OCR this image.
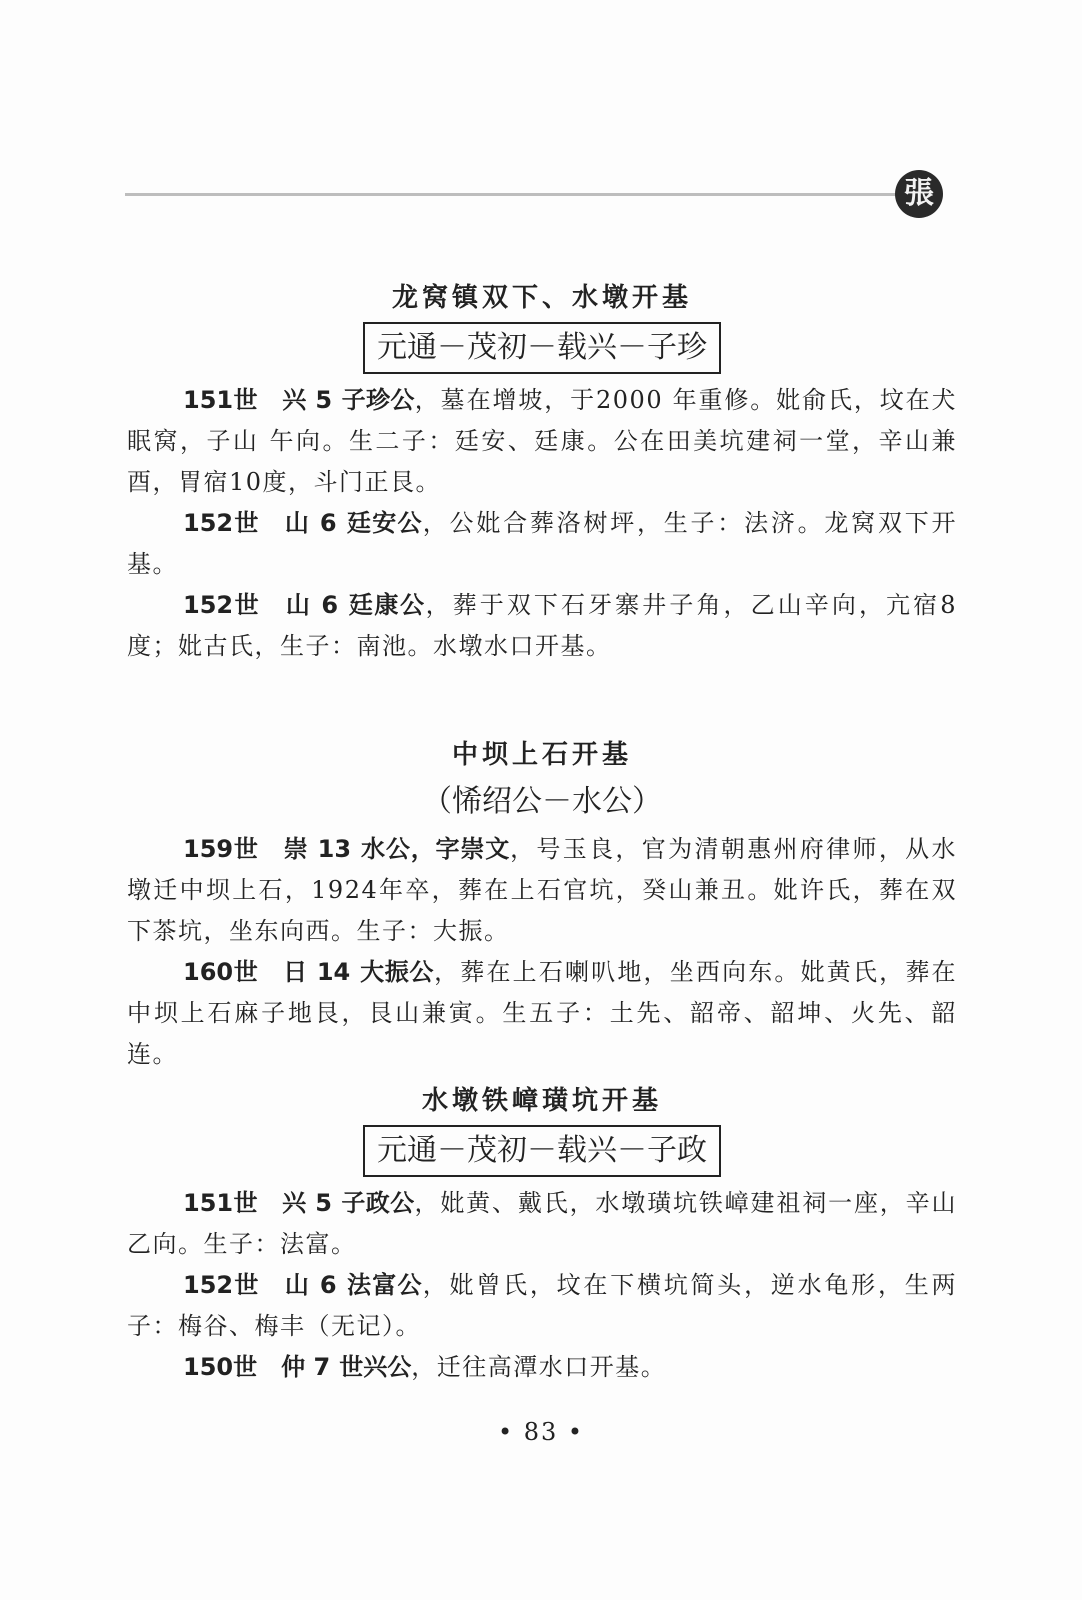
張
龙窝镇双下、水墩开基
元通－茂初－载兴－子珍

151世　兴 5 子珍公，墓在增坡，于2000 年重修。妣俞氏，坟在犬眠窝，子山 午向。生二子：廷安、廷康。公在田美坑建祠一堂，辛山兼酉，胃宿10度，斗门正艮。

152世　山 6 廷安公，公妣合葬洛树坪，生子：法济。龙窝双下开基。

152世　山 6 廷康公，葬于双下石牙寨井子角，乙山辛向，亢宿8度；妣古氏，生子：南池。水墩水口开基。

中坝上石开基
（悕绍公－水公）

159世　崇 13 水公，字崇文，号玉良，官为清朝惠州府律师，从水墩迁中坝上石，1924年卒，葬在上石官坑，癸山兼丑。妣许氏，葬在双下茶坑，坐东向西。生子：大振。

160世　日 14 大振公，葬在上石喇叭地，坐西向东。妣黄氏，葬在中坝上石麻子地艮，艮山兼寅。生五子：土先、韶帝、韶坤、火先、韶连。

水墩铁嶂璜坑开基
元通－茂初－载兴－子政

151世　兴 5 子政公，妣黄、戴氏，水墩璜坑铁嶂建祖祠一座，辛山乙向。生子：法富。

152世　山 6 法富公，妣曾氏，坟在下横坑简头，逆水龟形，生两子：梅谷、梅丰（无记）。

150世　仲 7 世兴公，迁往高潭水口开基。

• 83 •
